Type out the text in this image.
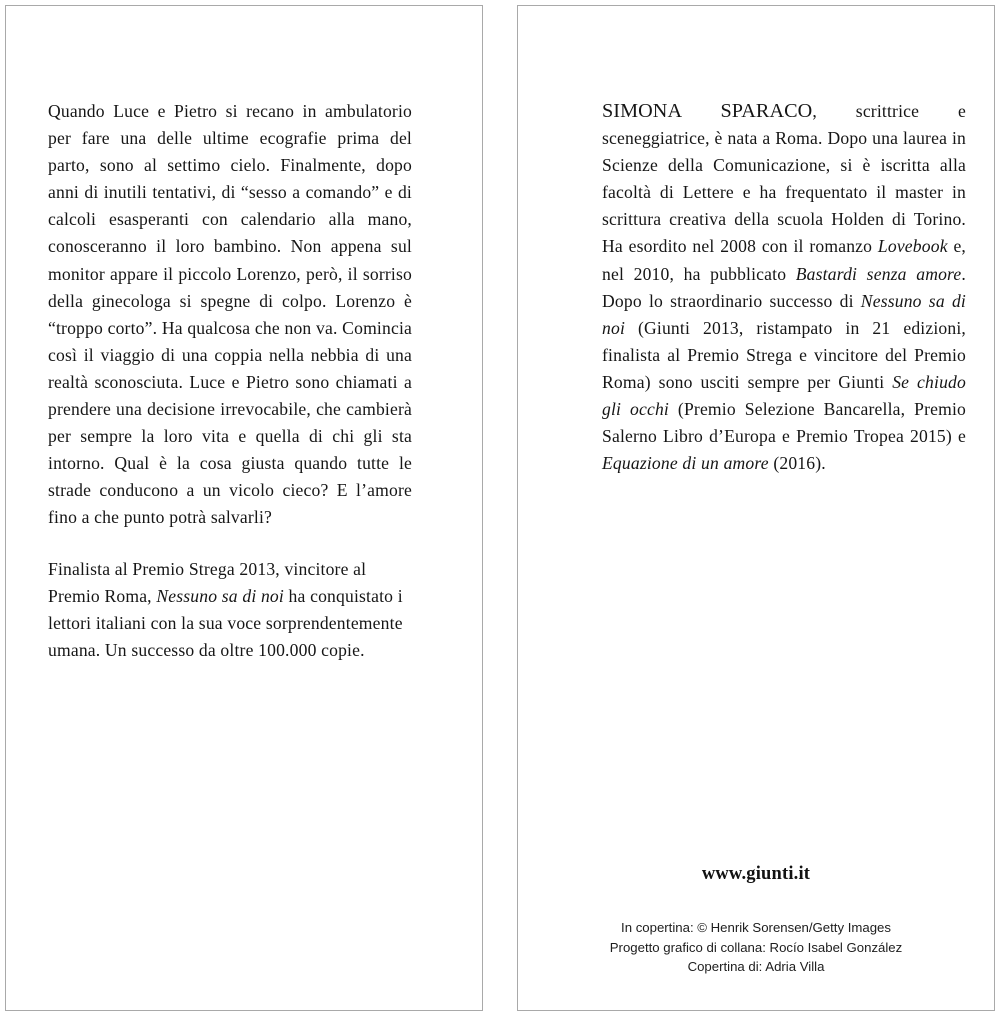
Quando Luce e Pietro si recano in ambulatorio per fare una delle ultime ecografie prima del parto, sono al settimo cielo. Finalmente, dopo anni di inutili tentativi, di “sesso a comando” e di calcoli esasperanti con calendario alla mano, conosceranno il loro bambino. Non appena sul monitor appare il piccolo Lorenzo, però, il sorriso della ginecologa si spegne di colpo. Lorenzo è “troppo corto”. Ha qualcosa che non va. Comincia così il viaggio di una coppia nella nebbia di una realtà sconosciuta. Luce e Pietro sono chiamati a prendere una decisione irrevocabile, che cambierà per sempre la loro vita e quella di chi gli sta intorno. Qual è la cosa giusta quando tutte le strade conducono a un vicolo cieco? E l’amore fino a che punto potrà salvarli?

Finalista al Premio Strega 2013, vincitore al Premio Roma, Nessuno sa di noi ha conquistato i lettori italiani con la sua voce sorprendentemente umana. Un successo da oltre 100.000 copie.

SIMONA SPARACO, scrittrice e sceneggiatrice, è nata a Roma. Dopo una laurea in Scienze della Comunicazione, si è iscritta alla facoltà di Lettere e ha frequentato il master in scrittura creativa della scuola Holden di Torino. Ha esordito nel 2008 con il romanzo Lovebook e, nel 2010, ha pubblicato Bastardi senza amore. Dopo lo straordinario successo di Nessuno sa di noi (Giunti 2013, ristampato in 21 edizioni, finalista al Premio Strega e vincitore del Premio Roma) sono usciti sempre per Giunti Se chiudo gli occhi (Premio Selezione Bancarella, Premio Salerno Libro d’Europa e Premio Tropea 2015) e Equazione di un amore (2016).

www.giunti.it
In copertina: © Henrik Sorensen/Getty Images
Progetto grafico di collana: Rocío Isabel González
Copertina di: Adria Villa
